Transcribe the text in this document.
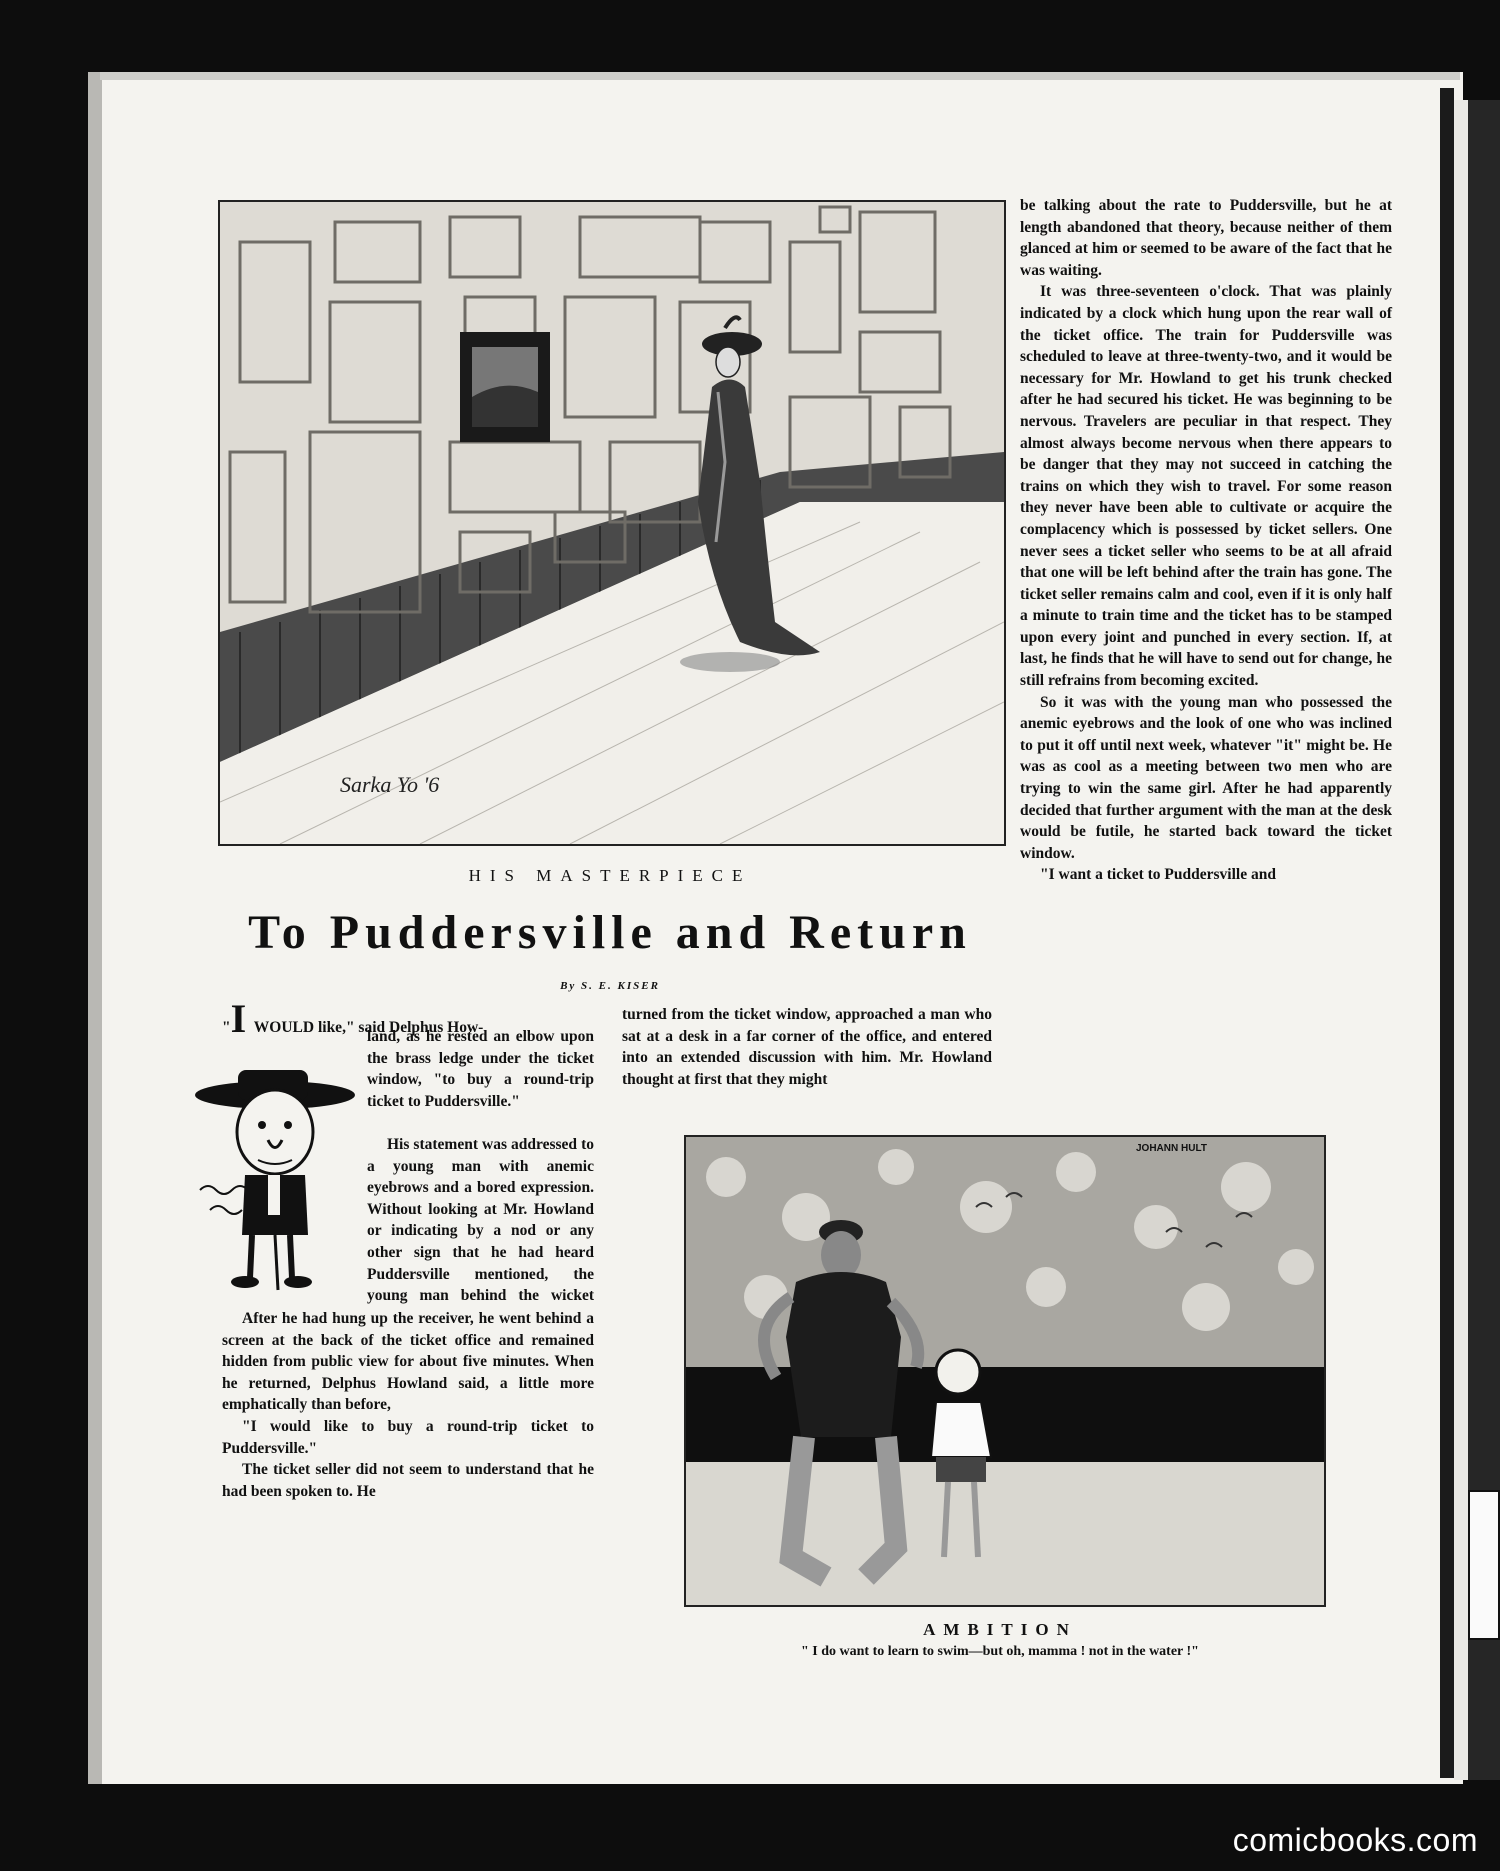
Sarka Yo '6
HIS MASTERPIECE
To Puddersville and Return
By S. E. KISER

"I WOULD like," said Delphus How-

land, as he rested an elbow upon the brass ledge under the ticket window, "to buy a round-trip ticket to Puddersville."

His statement was addressed to a young man with anemic eyebrows and a bored expression. Without looking at Mr. Howland or indicating by a nod or any other sign that he had heard Puddersville mentioned, the young man behind the wicket

After he had hung up the receiver, he went behind a screen at the back of the ticket office and remained hidden from public view for about five minutes. When he returned, Delphus Howland said, a little more emphatically than before,

"I would like to buy a round-trip ticket to Puddersville."

The ticket seller did not seem to understand that he had been spoken to. He

turned from the ticket window, approached a man who sat at a desk in a far corner of the office, and entered into an extended discussion with him. Mr. Howland thought at first that they might

be talking about the rate to Puddersville, but he at length abandoned that theory, because neither of them glanced at him or seemed to be aware of the fact that he was waiting.

It was three-seventeen o'clock. That was plainly indicated by a clock which hung upon the rear wall of the ticket office. The train for Puddersville was scheduled to leave at three-twenty-two, and it would be necessary for Mr. Howland to get his trunk checked after he had secured his ticket. He was beginning to be nervous. Travelers are peculiar in that respect. They almost always become nervous when there appears to be danger that they may not succeed in catching the trains on which they wish to travel. For some reason they never have been able to cultivate or acquire the complacency which is possessed by ticket sellers. One never sees a ticket seller who seems to be at all afraid that one will be left behind after the train has gone. The ticket seller remains calm and cool, even if it is only half a minute to train time and the ticket has to be stamped upon every joint and punched in every section. If, at last, he finds that he will have to send out for change, he still refrains from becoming excited.

So it was with the young man who possessed the anemic eyebrows and the look of one who was inclined to put it off until next week, whatever "it" might be. He was as cool as a meeting between two men who are trying to win the same girl. After he had apparently decided that further argument with the man at the desk would be futile, he started back toward the ticket window.

"I want a ticket to Puddersville and

JOHANN HULT
AMBITION
" I do want to learn to swim—but oh, mamma ! not in the water !"
comicbooks.com
